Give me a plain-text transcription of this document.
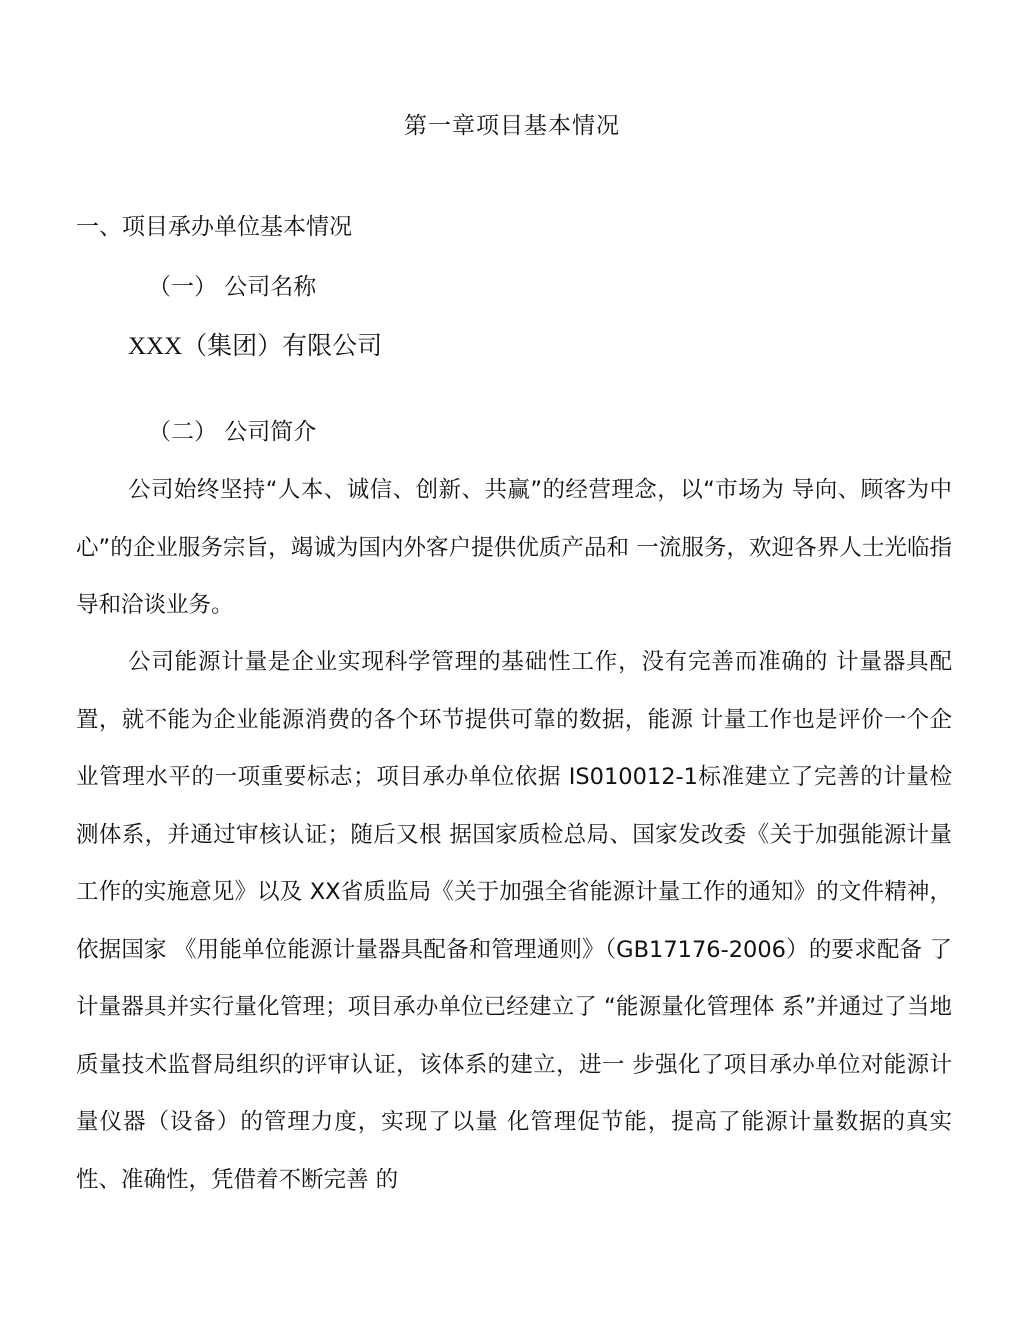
第一章项目基本情况
一、项目承办单位基本情况
（一） 公司名称
XXX（集团）有限公司
（二） 公司简介

公司始终坚持“人本、诚信、创新、共赢”的经营理念，以“市场为 导向、顾客为中心”的企业服务宗旨，竭诚为国内外客户提供优质产品和 一流服务，欢迎各界人士光临指导和洽谈业务。

公司能源计量是企业实现科学管理的基础性工作，没有完善而准确的 计量器具配置，就不能为企业能源消费的各个环节提供可靠的数据，能源 计量工作也是评价一个企业管理水平的一项重要标志；项目承办单位依据 IS010012-1标准建立了完善的计量检测体系，并通过审核认证；随后又根 据国家质检总局、国家发改委《关于加强能源计量工作的实施意见》以及 XX省质监局《关于加强全省能源计量工作的通知》的文件精神，依据国家 《用能单位能源计量器具配备和管理通则》（GB17176-2006）的要求配备 了计量器具并实行量化管理；项目承办单位已经建立了 “能源量化管理体 系”并通过了当地质量技术监督局组织的评审认证，该体系的建立，进一 步强化了项目承办单位对能源计量仪器（设备）的管理力度，实现了以量 化管理促节能，提高了能源计量数据的真实性、准确性，凭借着不断完善 的
